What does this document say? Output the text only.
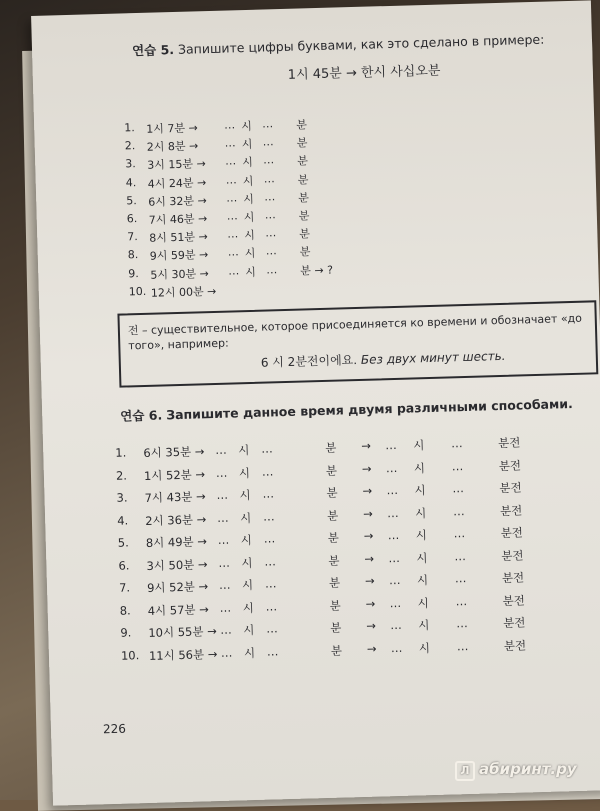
연습 5. Запишите цифры буквами, как это сделано в примере:
1시 45분 → 한시 사십오분
1. 1시 7분 → … 시 … 분
2. 2시 8분 → … 시 … 분
3. 3시 15분 → … 시 … 분
4. 4시 24분 → … 시 … 분
5. 6시 32분 → … 시 … 분
6. 7시 46분 → … 시 … 분
7. 8시 51분 → … 시 … 분
8. 9시 59분 → … 시 … 분
9. 5시 30분 → … 시 … 분 → ?
10. 12시 00분 →
전 – существительное, которое присоединяется ко времени и обозначает «до того», например:
6 시 2분전이에요. Без двух минут шесть.
연습 6. Запишите данное время двумя различными способами.
1. 6시 35분 → … 시 …	분 → … 시 …	분전
2. 1시 52분 → … 시 …	분 → … 시 …	분전
3. 7시 43분 → … 시 …	분 → … 시 …	분전
4. 2시 36분 → … 시 …	분 → … 시 …	분전
5. 8시 49분 → … 시 …	분 → … 시 …	분전
6. 3시 50분 → … 시 …	분 → … 시 …	분전
7. 9시 52분 → … 시 …	분 → … 시 …	분전
8. 4시 57분 → … 시 …	분 → … 시 …	분전
9. 10시 55분 → … 시 …	분 → … 시 …	분전
10. 11시 56분 → … 시 …	분 → … 시 …	분전
226
Л абиринт.ру
